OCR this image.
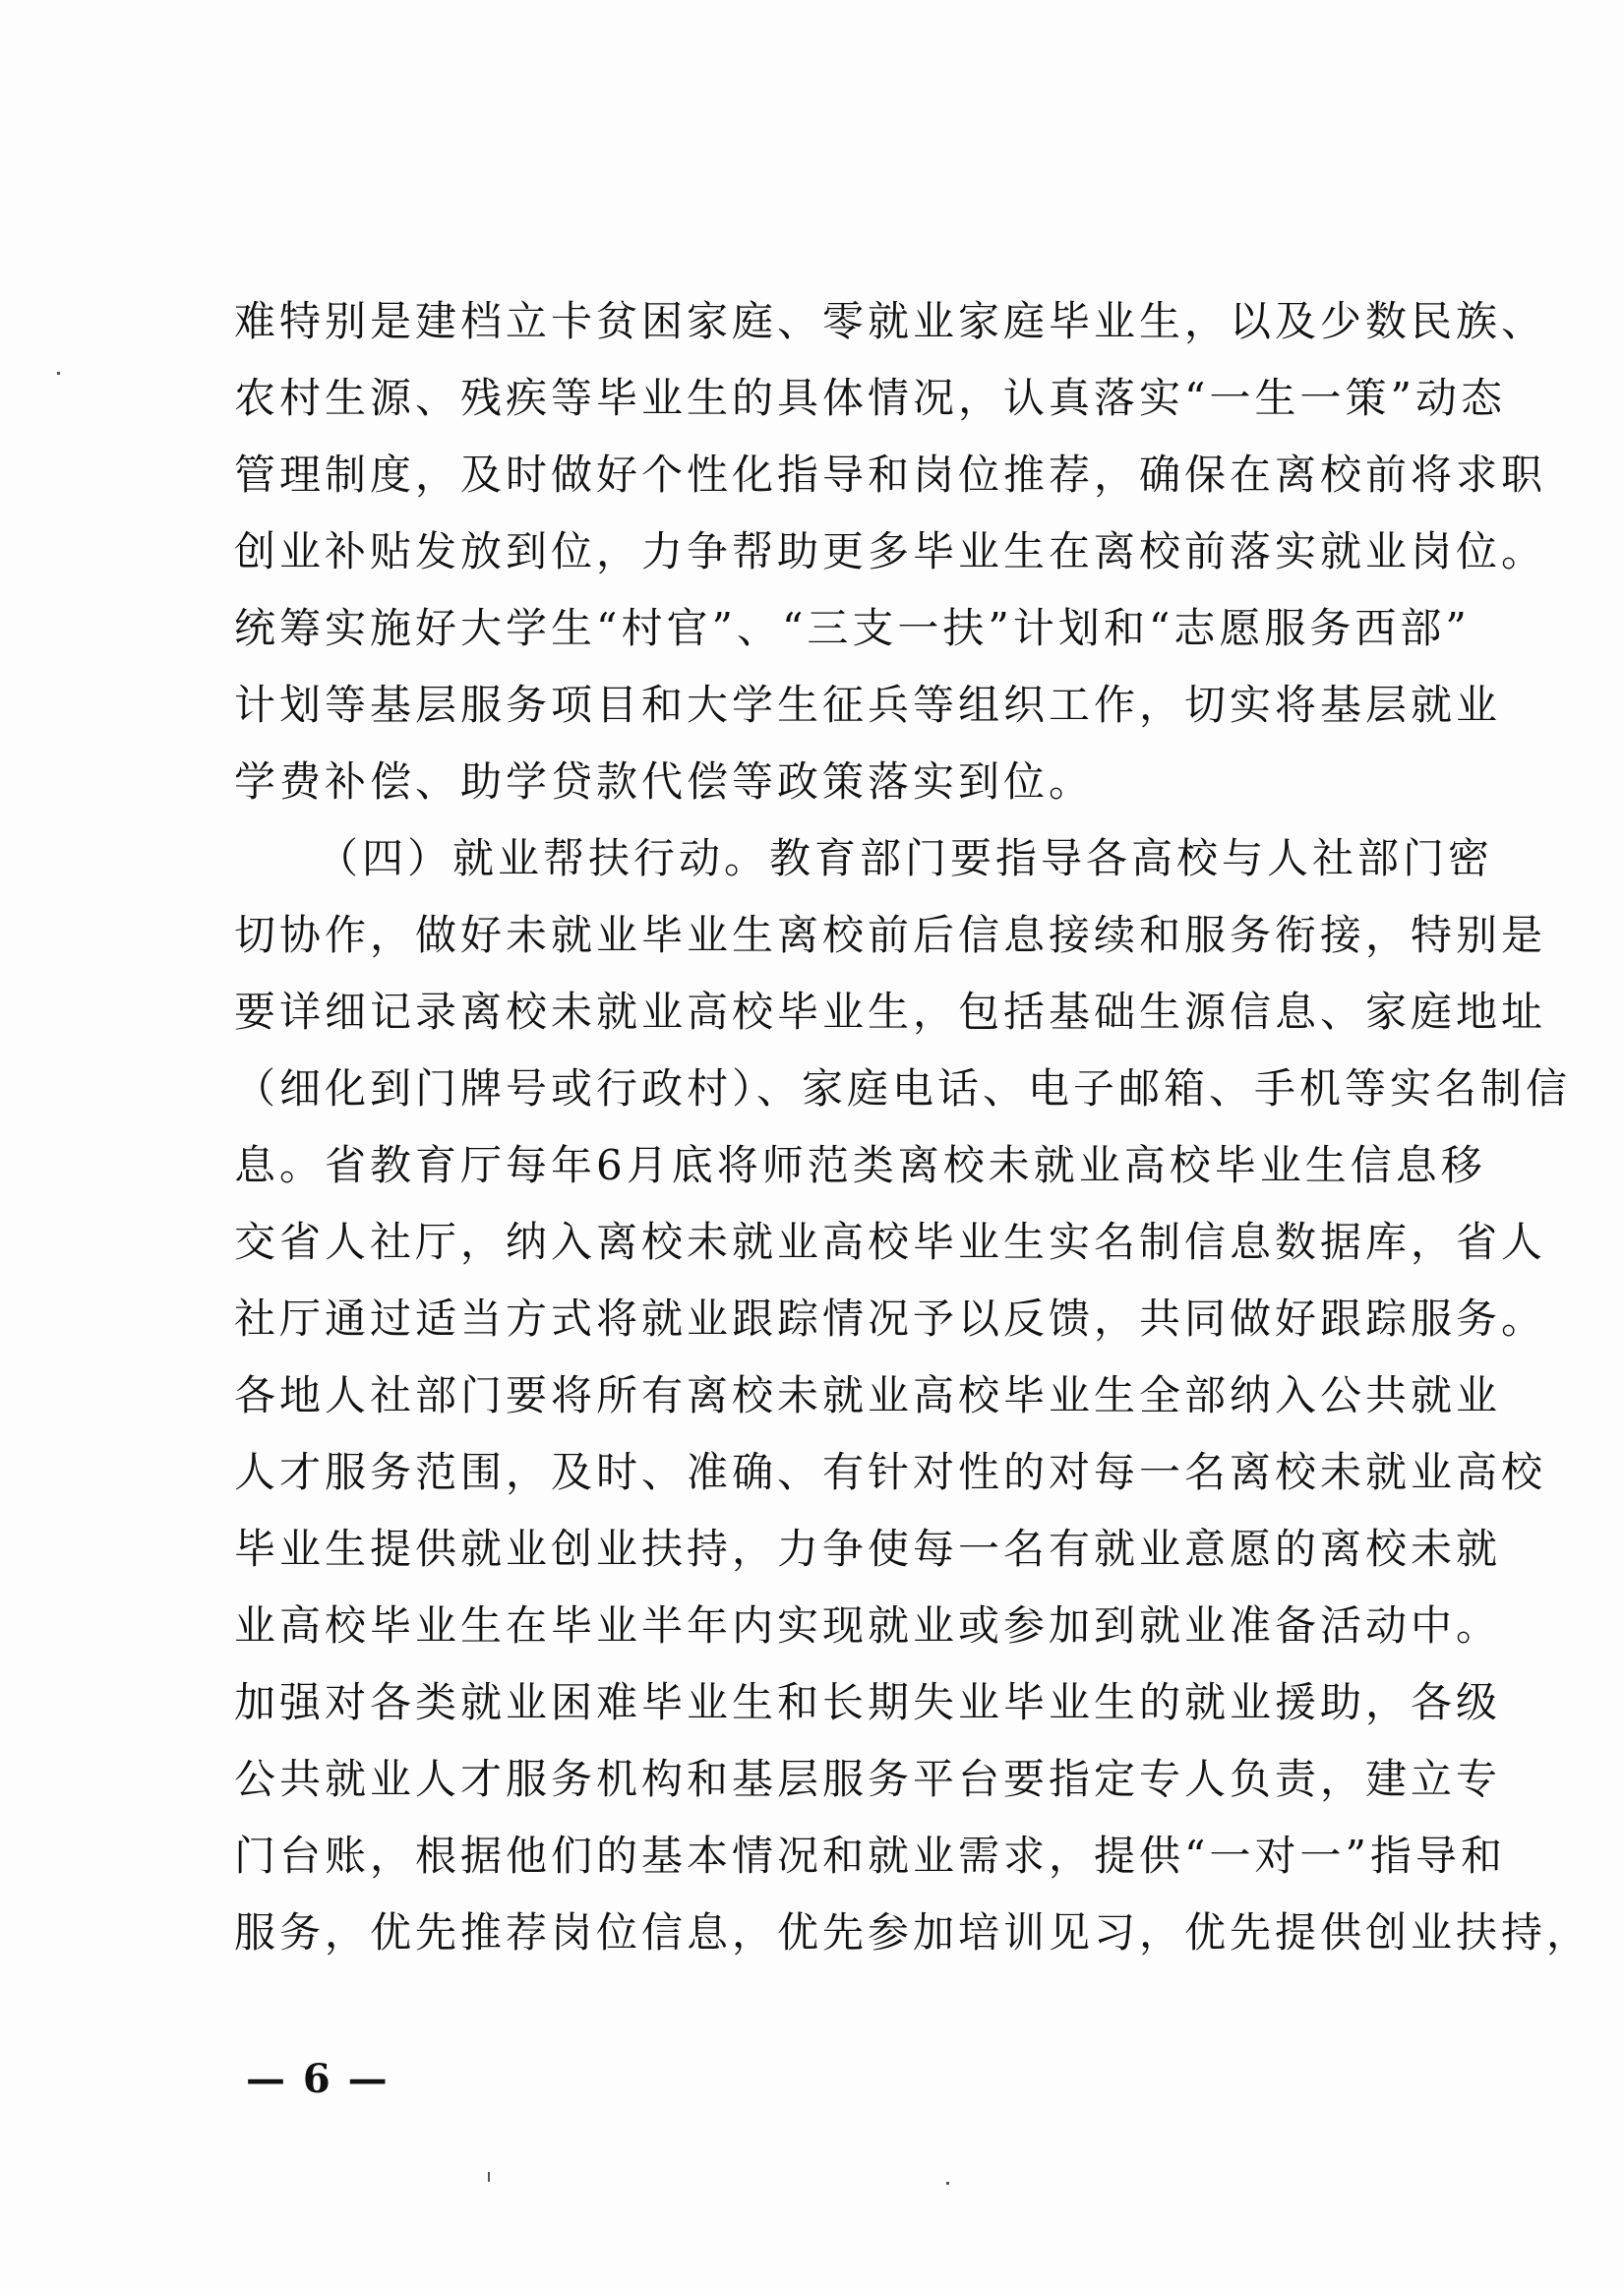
难特别是建档立卡贫困家庭、零就业家庭毕业生，以及少数民族、
农村生源、残疾等毕业生的具体情况，认真落实“一生一策”动态
管理制度，及时做好个性化指导和岗位推荐，确保在离校前将求职
创业补贴发放到位，力争帮助更多毕业生在离校前落实就业岗位。
统筹实施好大学生“村官”、“三支一扶”计划和“志愿服务西部”
计划等基层服务项目和大学生征兵等组织工作，切实将基层就业
学费补偿、助学贷款代偿等政策落实到位。
（四）就业帮扶行动。教育部门要指导各高校与人社部门密
切协作，做好未就业毕业生离校前后信息接续和服务衔接，特别是
要详细记录离校未就业高校毕业生，包括基础生源信息、家庭地址
（细化到门牌号或行政村）、家庭电话、电子邮箱、手机等实名制信
息。省教育厅每年6月底将师范类离校未就业高校毕业生信息移
交省人社厅，纳入离校未就业高校毕业生实名制信息数据库，省人
社厅通过适当方式将就业跟踪情况予以反馈，共同做好跟踪服务。
各地人社部门要将所有离校未就业高校毕业生全部纳入公共就业
人才服务范围，及时、准确、有针对性的对每一名离校未就业高校
毕业生提供就业创业扶持，力争使每一名有就业意愿的离校未就
业高校毕业生在毕业半年内实现就业或参加到就业准备活动中。
加强对各类就业困难毕业生和长期失业毕业生的就业援助，各级
公共就业人才服务机构和基层服务平台要指定专人负责，建立专
门台账，根据他们的基本情况和就业需求，提供“一对一”指导和
服务，优先推荐岗位信息，优先参加培训见习，优先提供创业扶持，
— 6 —
